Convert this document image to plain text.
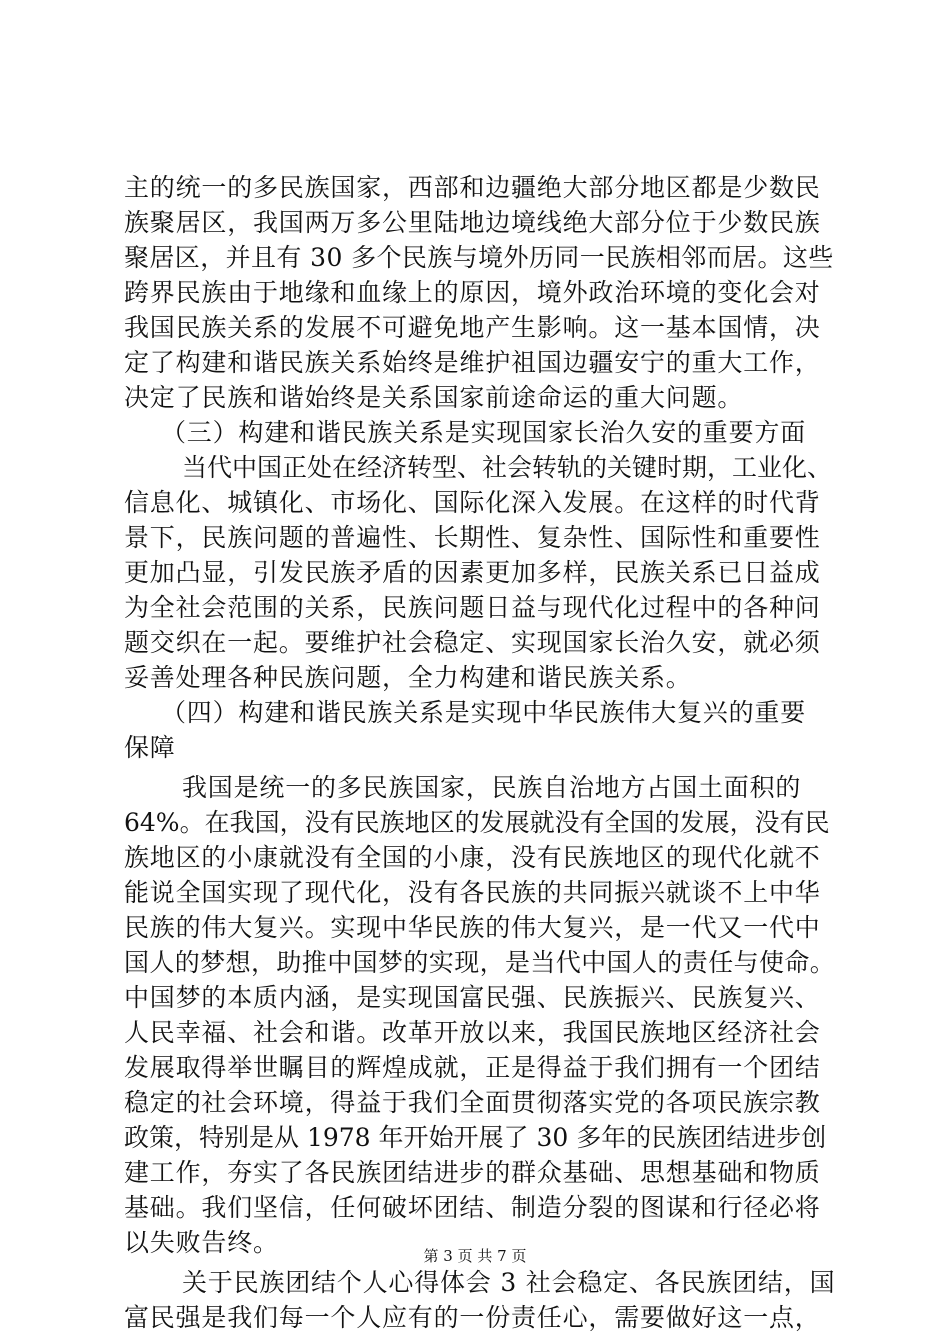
主的统一的多民族国家，西部和边疆绝大部分地区都是少数民
族聚居区，我国两万多公里陆地边境线绝大部分位于少数民族
聚居区，并且有 30 多个民族与境外历同一民族相邻而居。这些
跨界民族由于地缘和血缘上的原因，境外政治环境的变化会对
我国民族关系的发展不可避免地产生影响。这一基本国情，决
定了构建和谐民族关系始终是维护祖国边疆安宁的重大工作，
决定了民族和谐始终是关系国家前途命运的重大问题。
（三）构建和谐民族关系是实现国家长治久安的重要方面
当代中国正处在经济转型、社会转轨的关键时期，工业化、
信息化、城镇化、市场化、国际化深入发展。在这样的时代背
景下，民族问题的普遍性、长期性、复杂性、国际性和重要性
更加凸显，引发民族矛盾的因素更加多样，民族关系已日益成
为全社会范围的关系，民族问题日益与现代化过程中的各种问
题交织在一起。要维护社会稳定、实现国家长治久安，就必须
妥善处理各种民族问题，全力构建和谐民族关系。
（四）构建和谐民族关系是实现中华民族伟大复兴的重要
保障
我国是统一的多民族国家，民族自治地方占国土面积的
64%。在我国，没有民族地区的发展就没有全国的发展，没有民
族地区的小康就没有全国的小康，没有民族地区的现代化就不
能说全国实现了现代化，没有各民族的共同振兴就谈不上中华
民族的伟大复兴。实现中华民族的伟大复兴，是一代又一代中
国人的梦想，助推中国梦的实现，是当代中国人的责任与使命。
中国梦的本质内涵，是实现国富民强、民族振兴、民族复兴、
人民幸福、社会和谐。改革开放以来，我国民族地区经济社会
发展取得举世瞩目的辉煌成就，正是得益于我们拥有一个团结
稳定的社会环境，得益于我们全面贯彻落实党的各项民族宗教
政策，特别是从 1978 年开始开展了 30 多年的民族团结进步创
建工作，夯实了各民族团结进步的群众基础、思想基础和物质
基础。我们坚信，任何破坏团结、制造分裂的图谋和行径必将
以失败告终。
关于民族团结个人心得体会 3 社会稳定、各民族团结，国
富民强是我们每一个人应有的一份责任心，需要做好这一点，
第 3 页 共 7 页
